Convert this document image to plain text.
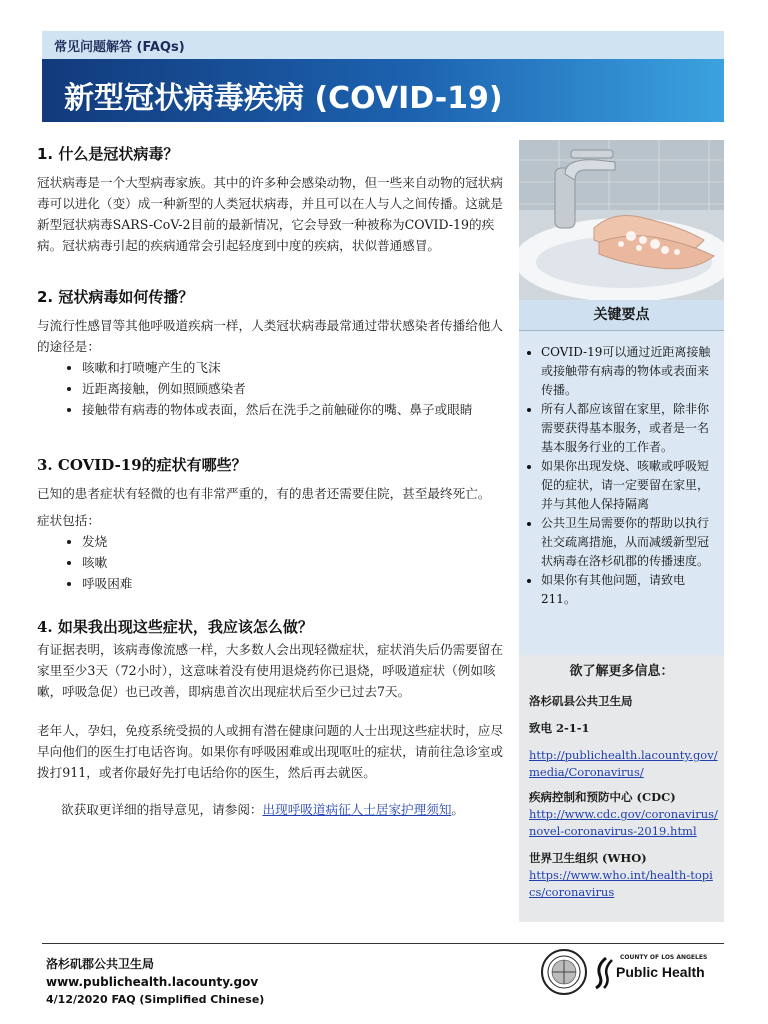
常见问题解答 (FAQs)
新型冠状病毒疾病 (COVID-19)
1. 什么是冠状病毒？

冠状病毒是一个大型病毒家族。其中的许多种会感染动物，但一些来自动物的冠状病毒可以进化（变）成一种新型的人类冠状病毒，并且可以在人与人之间传播。这就是新型冠状病毒SARS-CoV-2目前的最新情况，它会导致一种被称为COVID-19的疾病。冠状病毒引起的疾病通常会引起轻度到中度的疾病，状似普通感冒。

2. 冠状病毒如何传播？

与流行性感冒等其他呼吸道疾病一样，人类冠状病毒最常通过带状感染者传播给他人的途径是：

• 咳嗽和打喷嚏产生的飞沫
• 近距离接触，例如照顾感染者
• 接触带有病毒的物体或表面，然后在洗手之前触碰你的嘴、鼻子或眼睛
3. COVID-19的症状有哪些？

已知的患者症状有轻微的也有非常严重的，有的患者还需要住院，甚至最终死亡。

症状包括：

• 发烧
• 咳嗽
• 呼吸困难
4. 如果我出现这些症状，我应该怎么做？

有证据表明，该病毒像流感一样，大多数人会出现轻微症状，症状消失后仍需要留在家里至少3天（72小时），这意味着没有使用退烧药你已退烧，呼吸道症状（例如咳嗽，呼吸急促）也已改善，即病患首次出现症状后至少已过去7天。

老年人，孕妇，免疫系统受损的人或拥有潜在健康问题的人士出现这些症状时，应尽早向他们的医生打电话咨询。如果你有呼吸困难或出现呕吐的症状，请前往急诊室或拨打911，或者你最好先打电话给你的医生，然后再去就医。

欲获取更详细的指导意见，请参阅：出现呼吸道病征人士居家护理须知。

关键要点
• COVID-19可以通过近距离接触或接触带有病毒的物体或表面来传播。
• 所有人都应该留在家里，除非你需要获得基本服务，或者是一名基本服务行业的工作者。
• 如果你出现发烧、咳嗽或呼吸短促的症状，请一定要留在家里，并与其他人保持隔离
• 公共卫生局需要你的帮助以执行社交疏离措施，从而减缓新型冠状病毒在洛杉矶郡的传播速度。
• 如果你有其他问题，请致电211。
欲了解更多信息：

洛杉矶县公共卫生局

致电 2-1-1

http://publichealth.lacounty.gov/media/Coronavirus/

疾病控制和预防中心 (CDC)

http://www.cdc.gov/coronavirus/novel-coronavirus-2019.html

世界卫生组织 (WHO)

https://www.who.int/health-topics/coronavirus

洛杉矶郡公共卫生局
www.publichealth.lacounty.gov
4/12/2020 FAQ (Simplified Chinese)
COUNTY OF LOS ANGELES
Public Health
